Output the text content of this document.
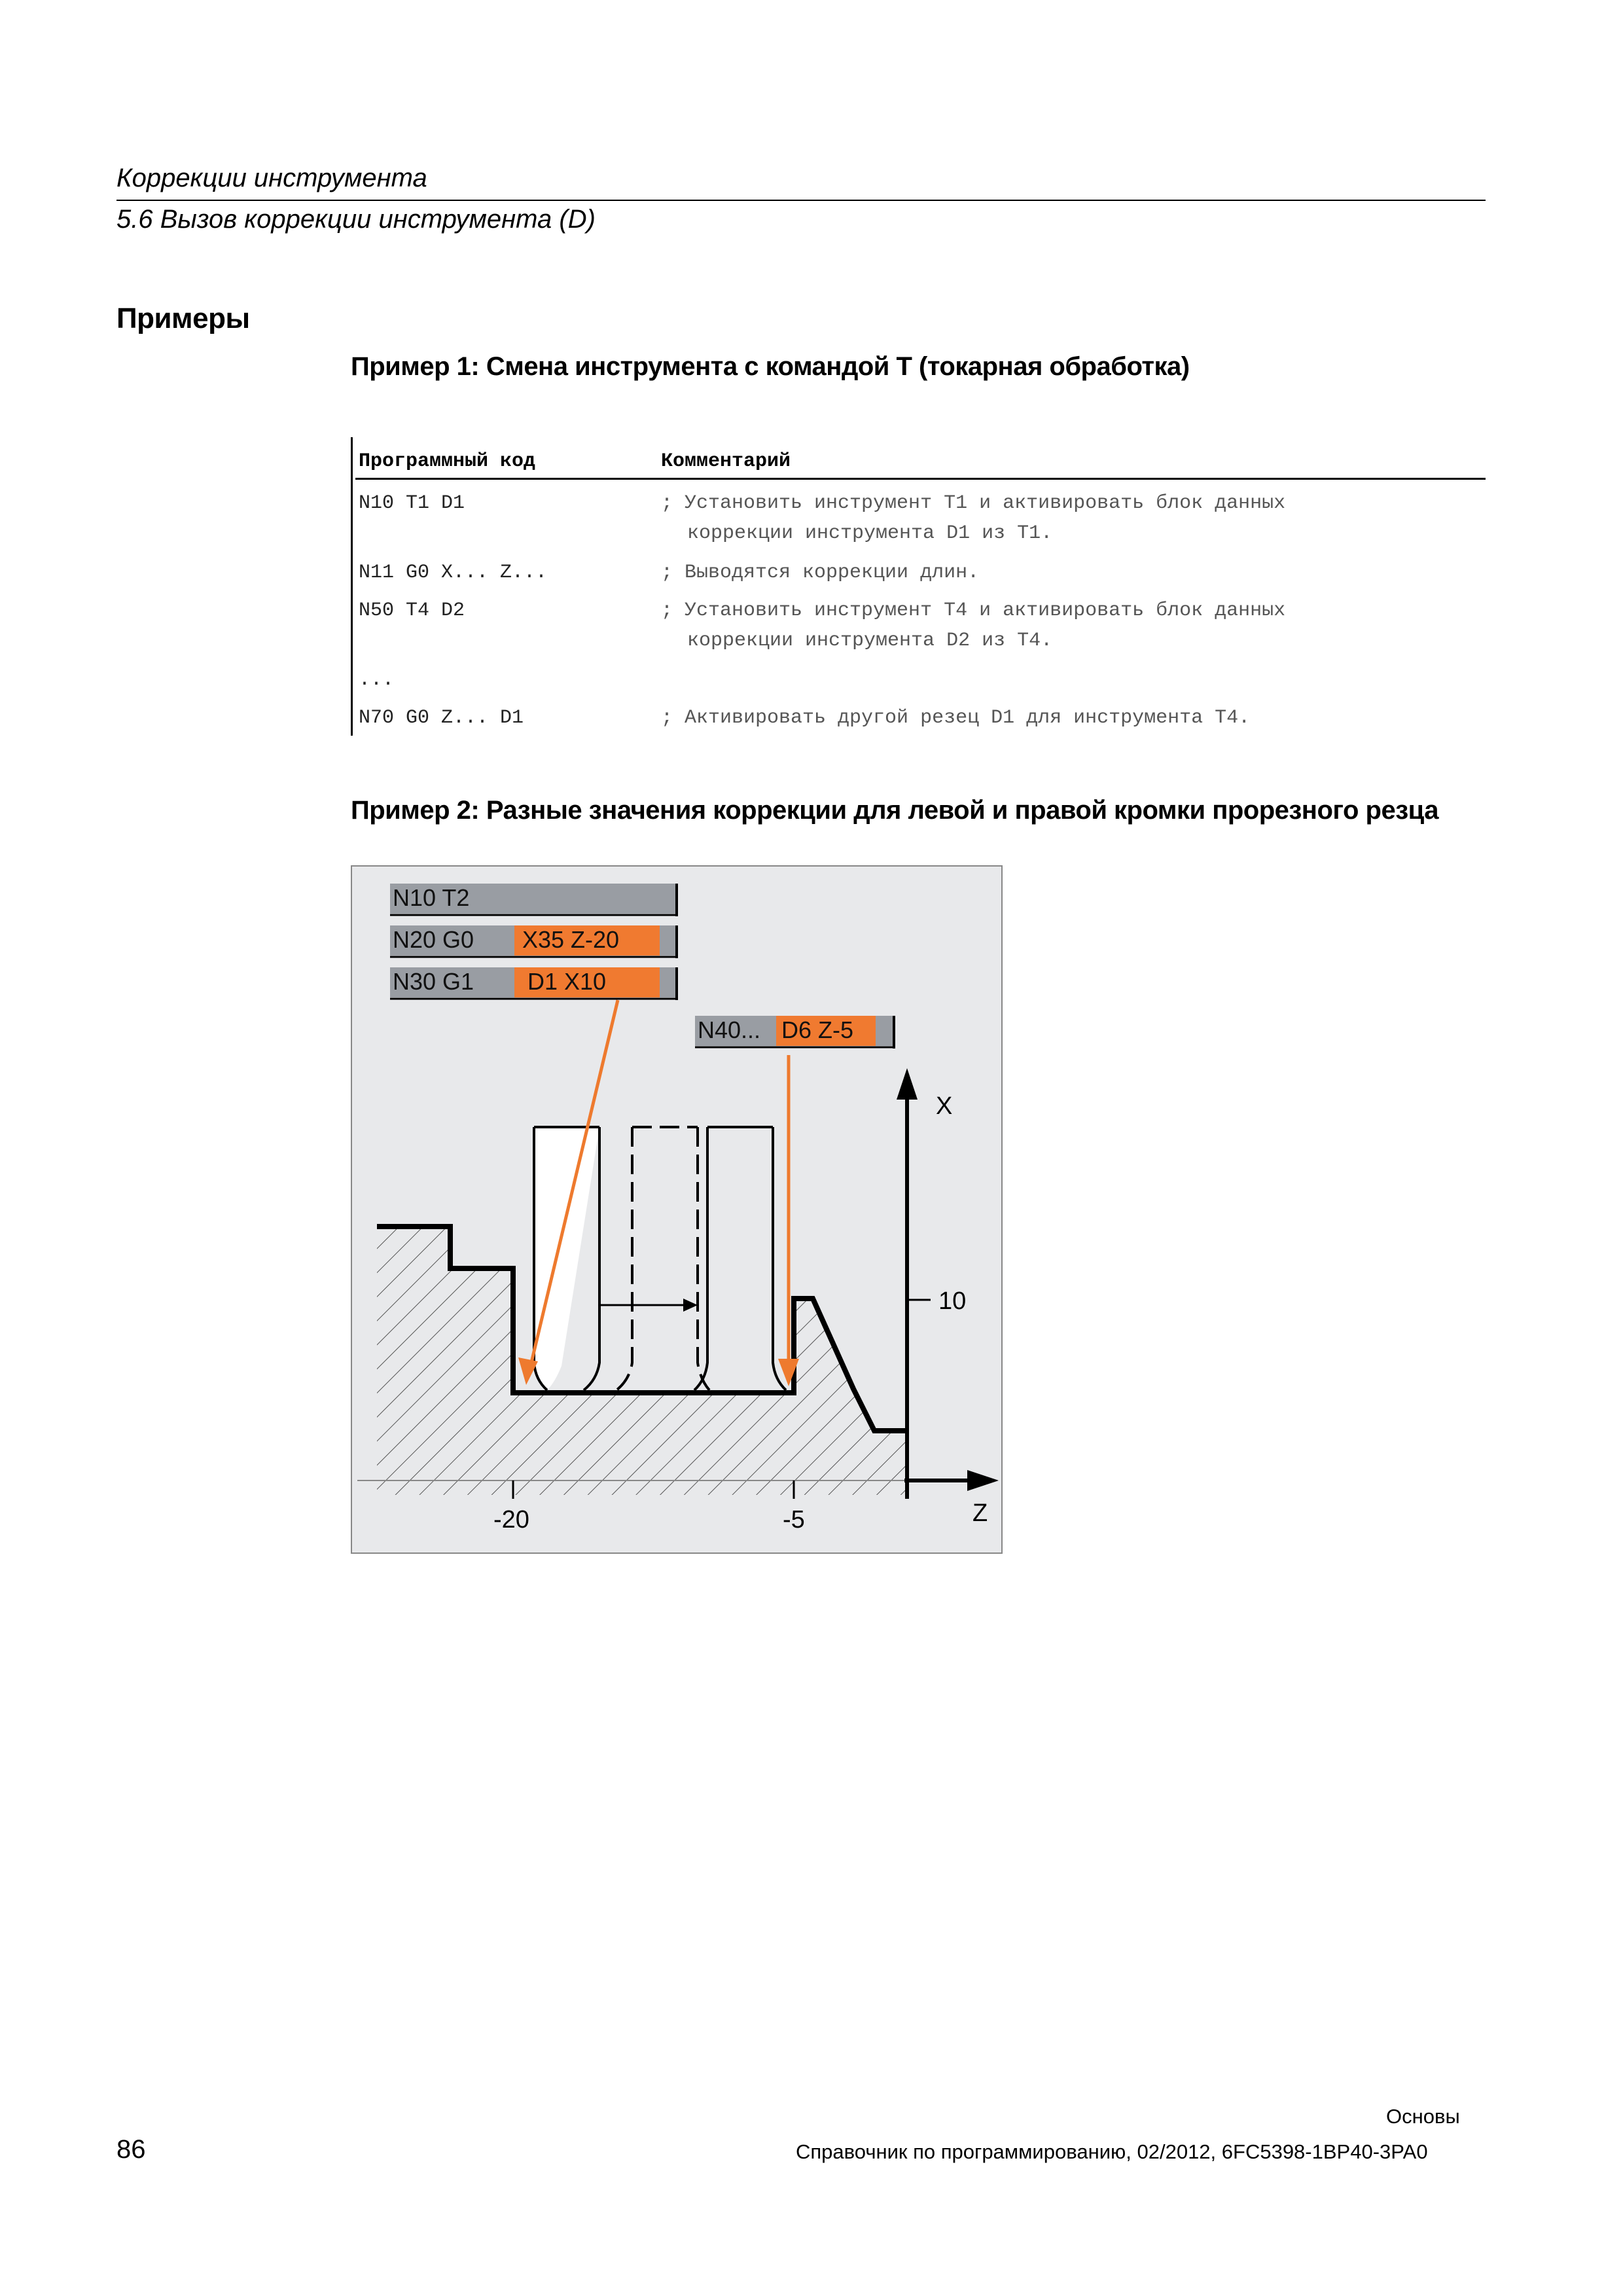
Коррекции инструмента
5.6 Вызов коррекции инструмента (D)
Примеры
Пример 1: Смена инструмента с командой T (токарная обработка)
Программный код	Комментарий
N10 T1 D1	; Установить инструмент T1 и активировать блок данных
коррекции инструмента D1 из T1.
N11 G0 X... Z...	; Выводятся коррекции длин.
N50 T4 D2	; Установить инструмент T4 и активировать блок данных
коррекции инструмента D2 из T4.
...
N70 G0 Z... D1	; Активировать другой резец D1 для инструмента T4.
Пример 2: Разные значения коррекции для левой и правой кромки прорезного резца
N10 T2
N20 G0 X35 Z-20
N30 G1 D1 X10
N40... D6 Z-5
X
Z
10
-20	-5
Основы
Справочник по программированию, 02/2012, 6FC5398-1BP40-3PA0
86
